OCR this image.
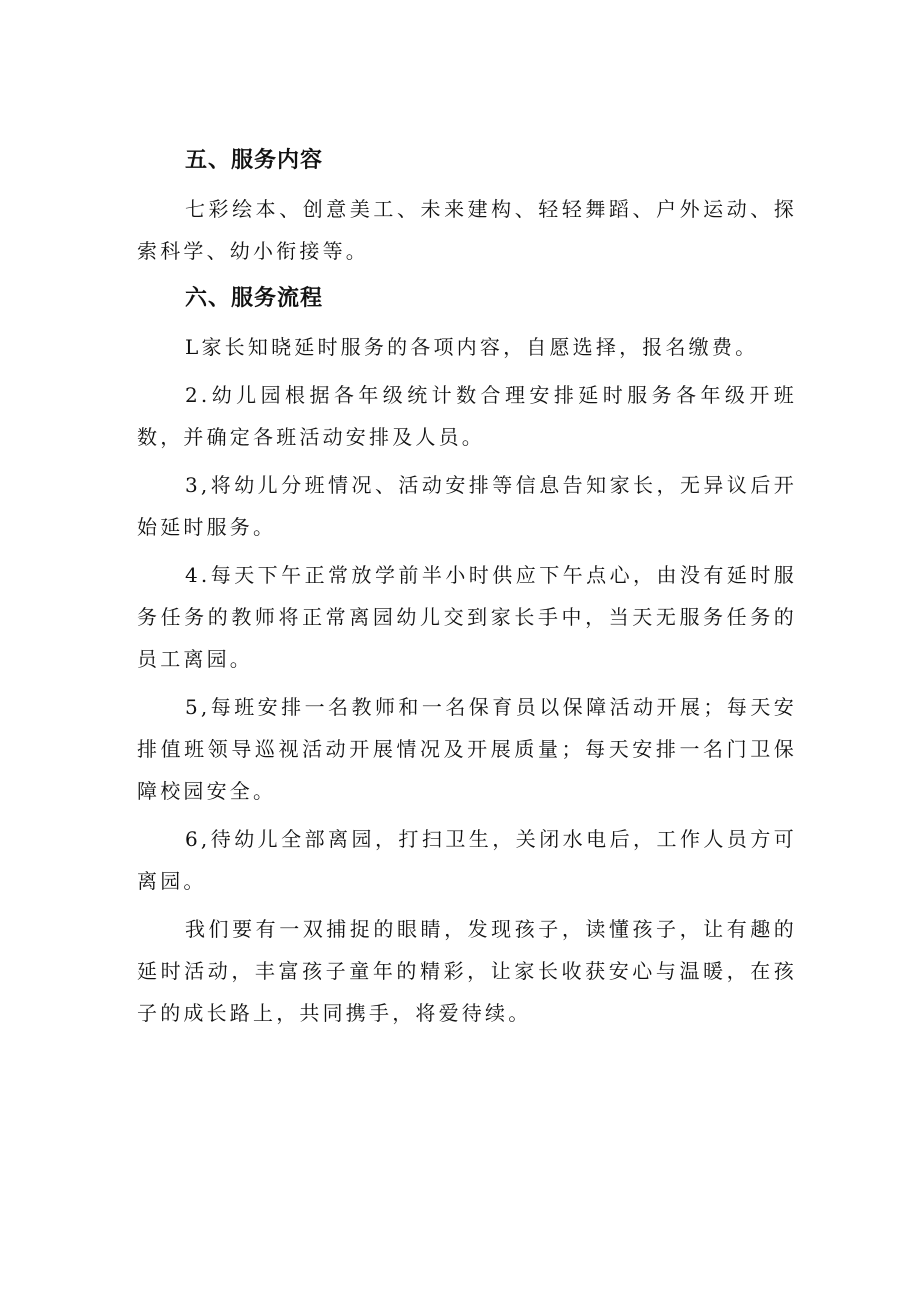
五、服务内容

七彩绘本、创意美工、未来建构、轻轻舞蹈、户外运动、探索科学、幼小衔接等。

六、服务流程

L家长知晓延时服务的各项内容，自愿选择，报名缴费。

2.幼儿园根据各年级统计数合理安排延时服务各年级开班数，并确定各班活动安排及人员。

3,将幼儿分班情况、活动安排等信息告知家长，无异议后开始延时服务。

4.每天下午正常放学前半小时供应下午点心，由没有延时服务任务的教师将正常离园幼儿交到家长手中，当天无服务任务的员工离园。

5,每班安排一名教师和一名保育员以保障活动开展；每天安排值班领导巡视活动开展情况及开展质量；每天安排一名门卫保障校园安全。

6,待幼儿全部离园，打扫卫生，关闭水电后，工作人员方可离园。

我们要有一双捕捉的眼睛，发现孩子，读懂孩子，让有趣的延时活动，丰富孩子童年的精彩，让家长收获安心与温暖，在孩子的成长路上，共同携手，将爱待续。
